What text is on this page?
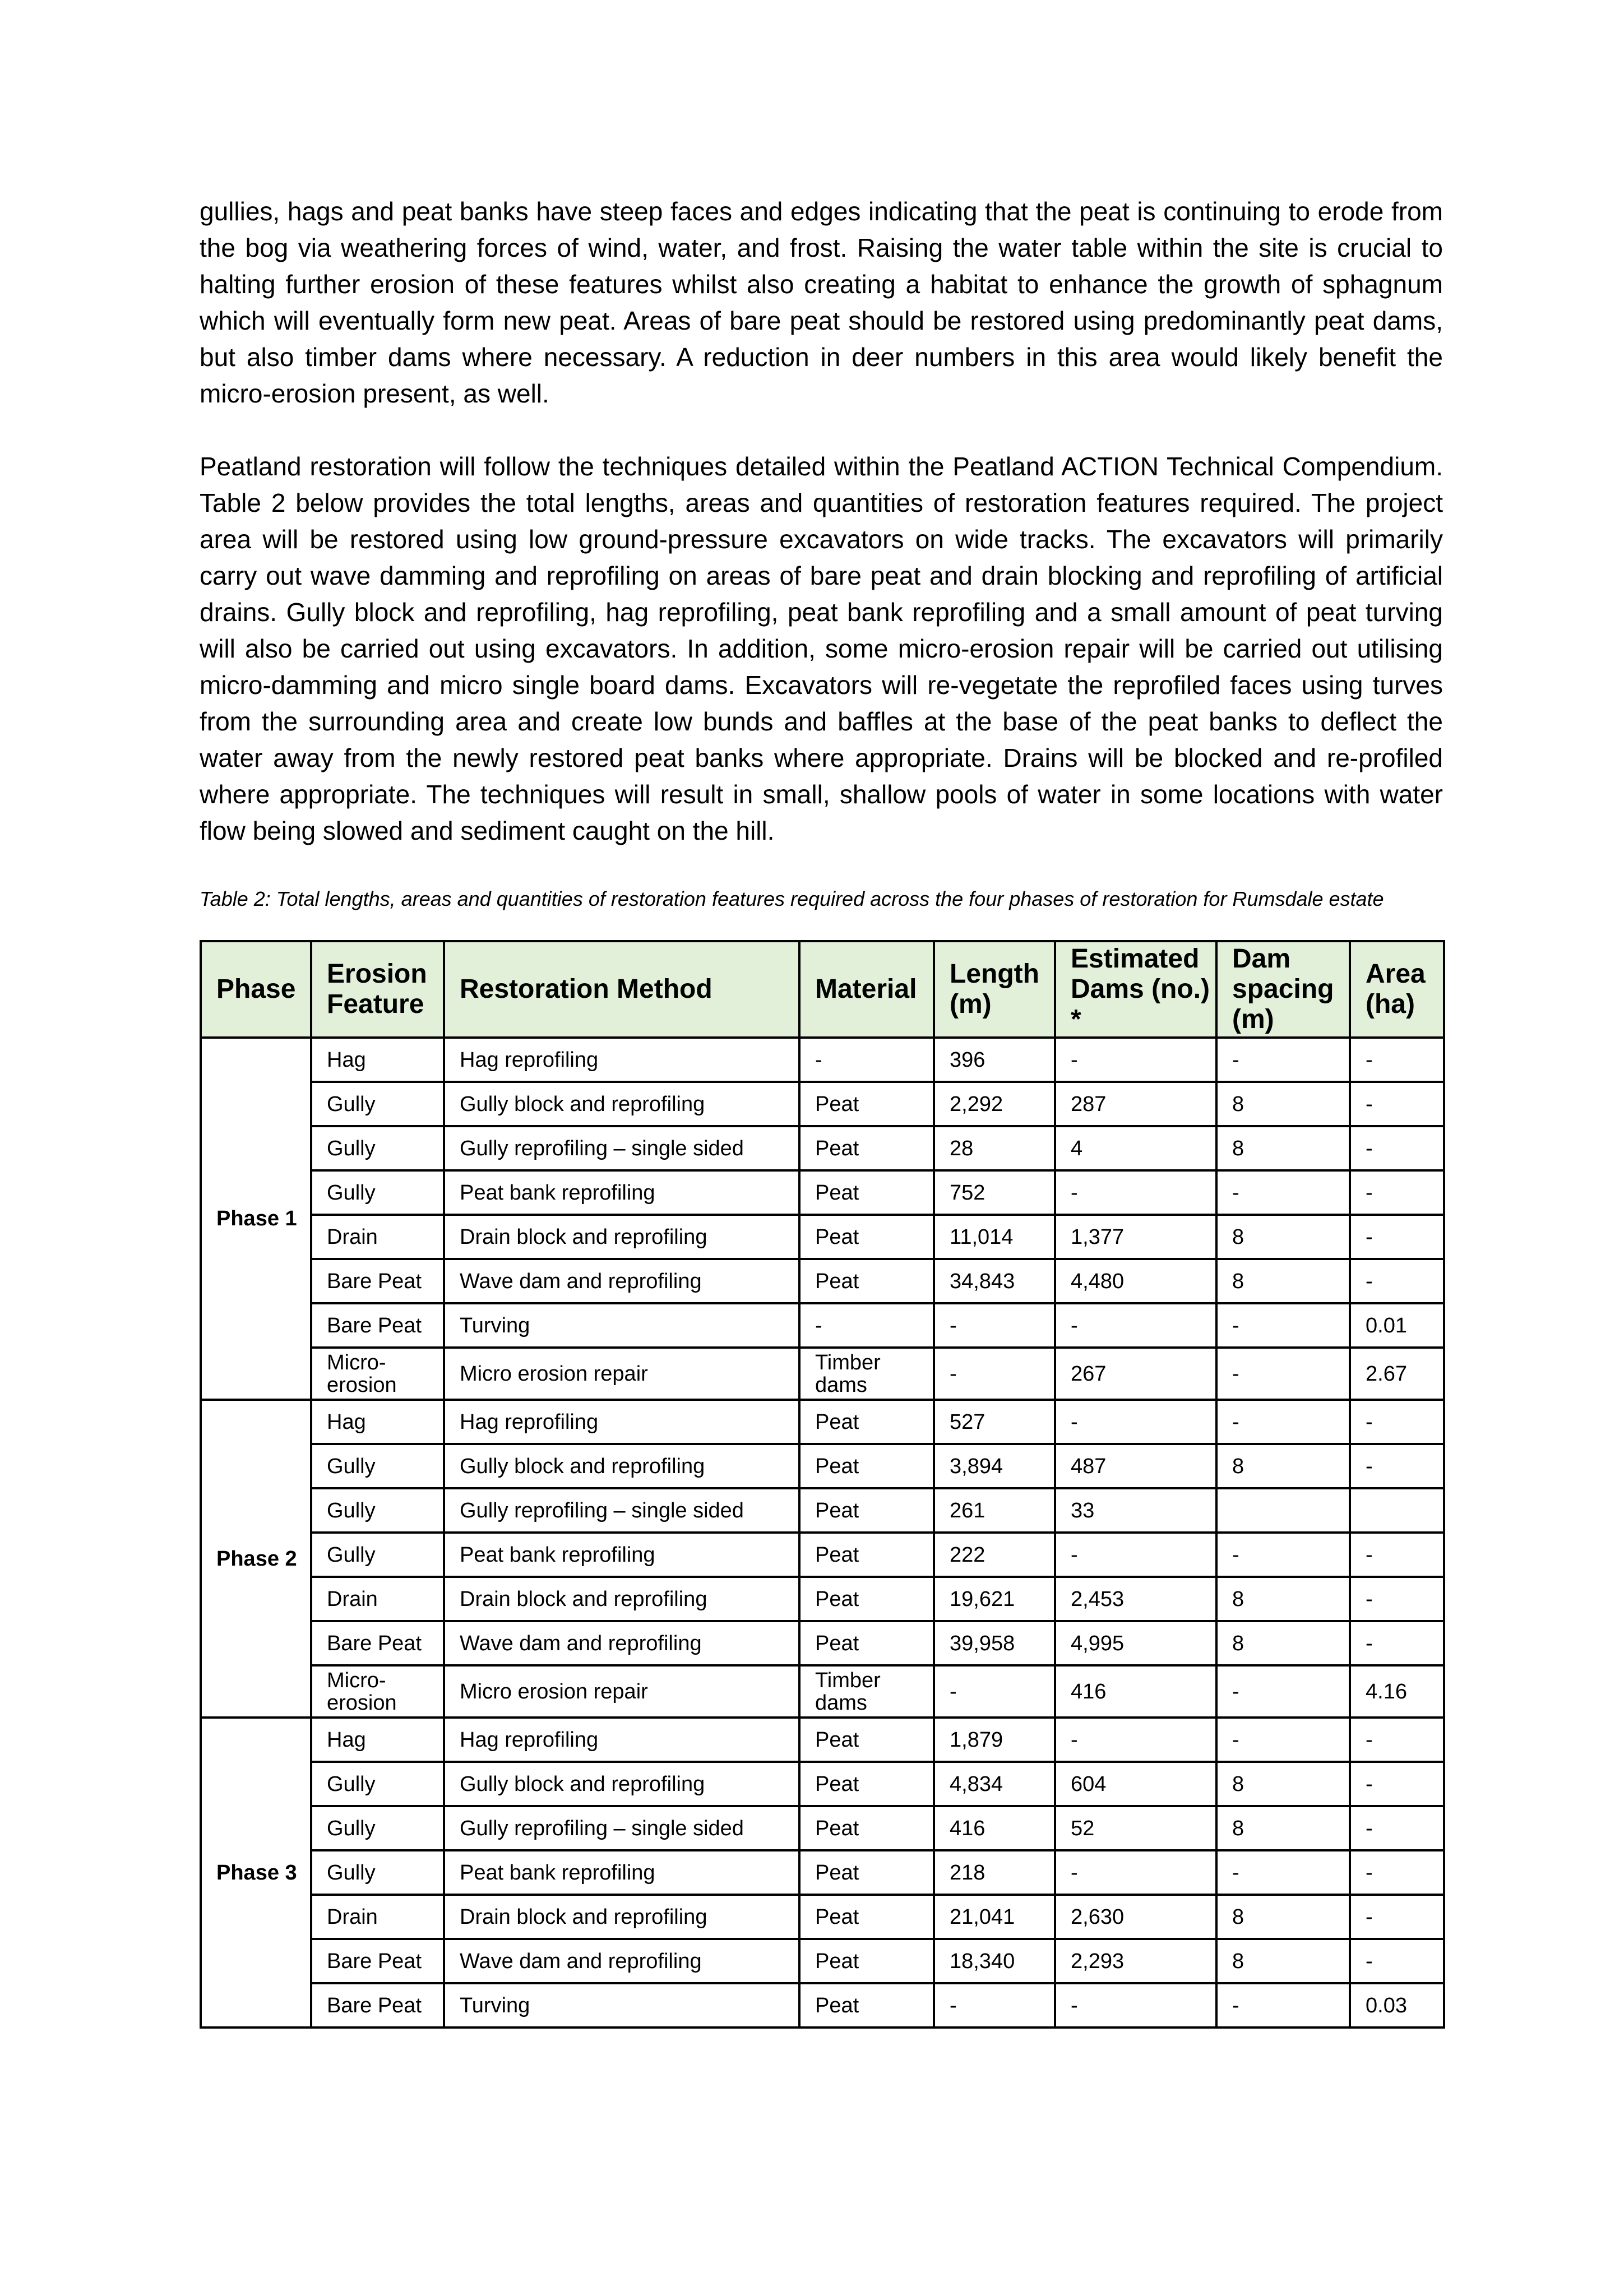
gullies, hags and peat banks have steep faces and edges indicating that the peat is continuing to erode from the bog via weathering forces of wind, water, and frost. Raising the water table within the site is crucial to halting further erosion of these features whilst also creating a habitat to enhance the growth of sphagnum which will eventually form new peat. Areas of bare peat should be restored using predominantly peat dams, but also timber dams where necessary. A reduction in deer numbers in this area would likely benefit the micro-erosion present, as well.

Peatland restoration will follow the techniques detailed within the Peatland ACTION Technical Compendium. Table 2 below provides the total lengths, areas and quantities of restoration features required. The project area will be restored using low ground-pressure excavators on wide tracks. The excavators will primarily carry out wave damming and reprofiling on areas of bare peat and drain blocking and reprofiling of artificial drains. Gully block and reprofiling, hag reprofiling, peat bank reprofiling and a small amount of peat turving will also be carried out using excavators. In addition, some micro-erosion repair will be carried out utilising micro-damming and micro single board dams. Excavators will re-vegetate the reprofiled faces using turves from the surrounding area and create low bunds and baffles at the base of the peat banks to deflect the water away from the newly restored peat banks where appropriate. Drains will be blocked and re-profiled where appropriate. The techniques will result in small, shallow pools of water in some locations with water flow being slowed and sediment caught on the hill.

Table 2: Total lengths, areas and quantities of restoration features required across the four phases of restoration for Rumsdale estate

Phase	Erosion Feature	Restoration Method	Material	Length (m)	Estimated Dams (no.) *	Dam spacing (m)	Area (ha)
Phase 1	Hag	Hag reprofiling	-	396	-	-	-
	Gully	Gully block and reprofiling	Peat	2,292	287	8	-
	Gully	Gully reprofiling – single sided	Peat	28	4	8	-
	Gully	Peat bank reprofiling	Peat	752	-	-	-
	Drain	Drain block and reprofiling	Peat	11,014	1,377	8	-
	Bare Peat	Wave dam and reprofiling	Peat	34,843	4,480	8	-
	Bare Peat	Turving	-	-	-	-	0.01
	Micro-erosion	Micro erosion repair	Timber dams	-	267	-	2.67
Phase 2	Hag	Hag reprofiling	Peat	527	-	-	-
	Gully	Gully block and reprofiling	Peat	3,894	487	8	-
	Gully	Gully reprofiling – single sided	Peat	261	33		
	Gully	Peat bank reprofiling	Peat	222	-	-	-
	Drain	Drain block and reprofiling	Peat	19,621	2,453	8	-
	Bare Peat	Wave dam and reprofiling	Peat	39,958	4,995	8	-
	Micro-erosion	Micro erosion repair	Timber dams	-	416	-	4.16
Phase 3	Hag	Hag reprofiling	Peat	1,879	-	-	-
	Gully	Gully block and reprofiling	Peat	4,834	604	8	-
	Gully	Gully reprofiling – single sided	Peat	416	52	8	-
	Gully	Peat bank reprofiling	Peat	218	-	-	-
	Drain	Drain block and reprofiling	Peat	21,041	2,630	8	-
	Bare Peat	Wave dam and reprofiling	Peat	18,340	2,293	8	-
	Bare Peat	Turving	Peat	-	-	-	0.03
